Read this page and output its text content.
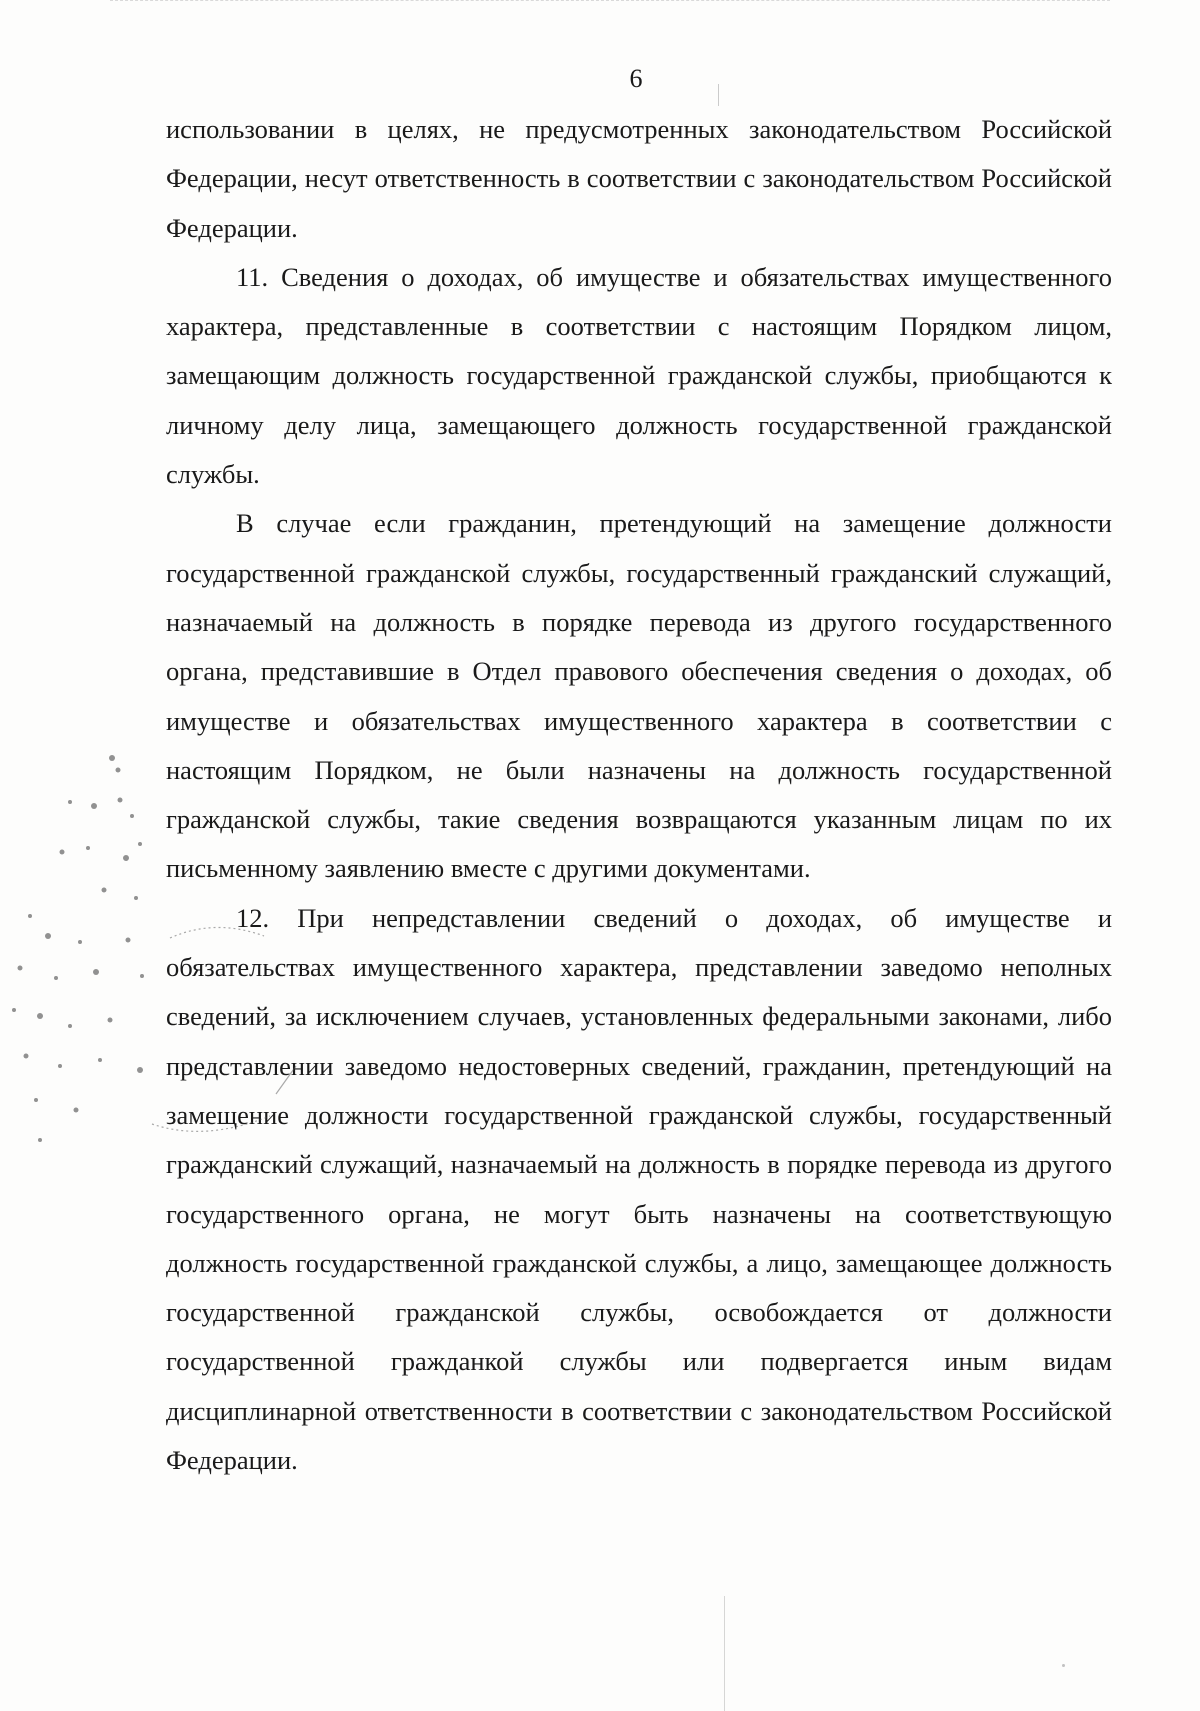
6

использовании в целях, не предусмотренных законодательством Российской Федерации, несут ответственность в соответствии с законодательством Российской Федерации.

11. Сведения о доходах, об имуществе и обязательствах имущественного характера, представленные в соответствии с настоящим Порядком лицом, замещающим должность государственной гражданской службы, приобщаются к личному делу лица, замещающего должность государственной гражданской службы.

В случае если гражданин, претендующий на замещение должности государственной гражданской службы, государственный гражданский служащий, назначаемый на должность в порядке перевода из другого государственного органа, представившие в Отдел правового обеспечения сведения о доходах, об имуществе и обязательствах имущественного характера в соответствии с настоящим Порядком, не были назначены на должность государственной гражданской службы, такие сведения возвращаются указанным лицам по их письменному заявлению вместе с другими документами.

12. При непредставлении сведений о доходах, об имуществе и обязательствах имущественного характера, представлении заведомо неполных сведений, за исключением случаев, установленных федеральными законами, либо представлении заведомо недостоверных сведений, гражданин, претендующий на замещение должности государственной гражданской службы, государственный гражданский служащий, назначаемый на должность в порядке перевода из другого государственного органа, не могут быть назначены на соответствующую должность государственной гражданской службы, а лицо, замещающее должность государственной гражданской службы, освобождается от должности государственной гражданкой службы или подвергается иным видам дисциплинарной ответственности в соответствии с законодательством Российской Федерации.
